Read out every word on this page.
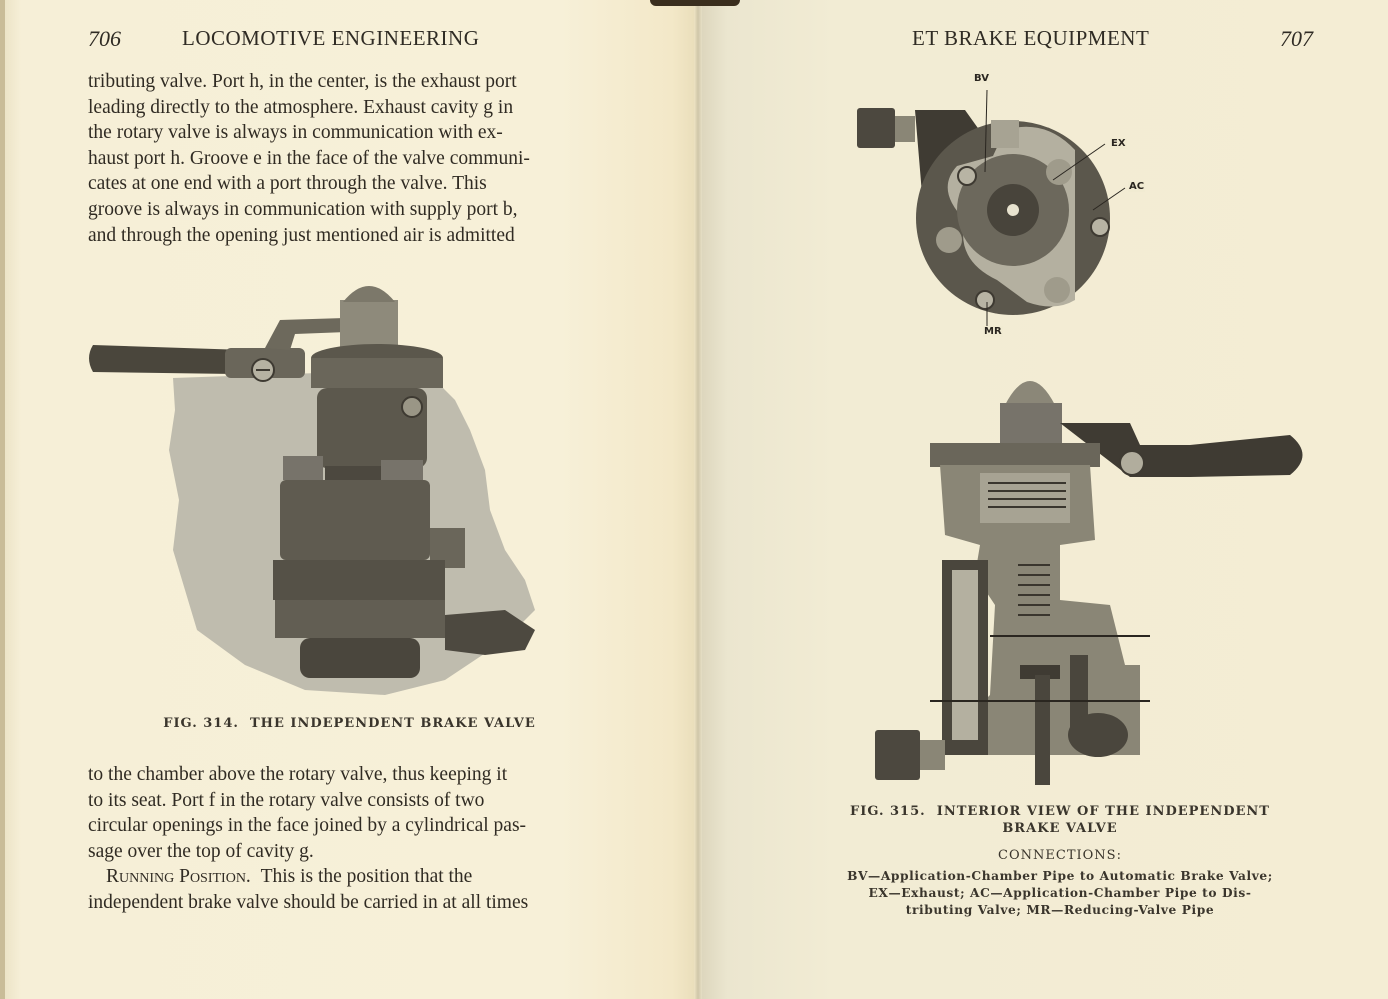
706	LOCOMOTIVE ENGINEERING

tributing valve. Port h, in the center, is the exhaust port

leading directly to the atmosphere. Exhaust cavity g in

the rotary valve is always in communication with ex-

haust port h. Groove e in the face of the valve communi-

cates at one end with a port through the valve. This

groove is always in communication with supply port b,

and through the opening just mentioned air is admitted

FIG. 314. THE INDEPENDENT BRAKE VALVE

to the chamber above the rotary valve, thus keeping it

to its seat. Port f in the rotary valve consists of two

circular openings in the face joined by a cylindrical pas-

sage over the top of cavity g.

Running Position. This is the position that the

independent brake valve should be carried in at all times

ET BRAKE EQUIPMENT	707
BV
EX
AC
MR
FIG. 315. INTERIOR VIEW OF THE INDEPENDENT
BRAKE VALVE
CONNECTIONS:
BV—Application-Chamber Pipe to Automatic Brake Valve;
EX—Exhaust; AC—Application-Chamber Pipe to Dis-
tributing Valve; MR—Reducing-Valve Pipe
